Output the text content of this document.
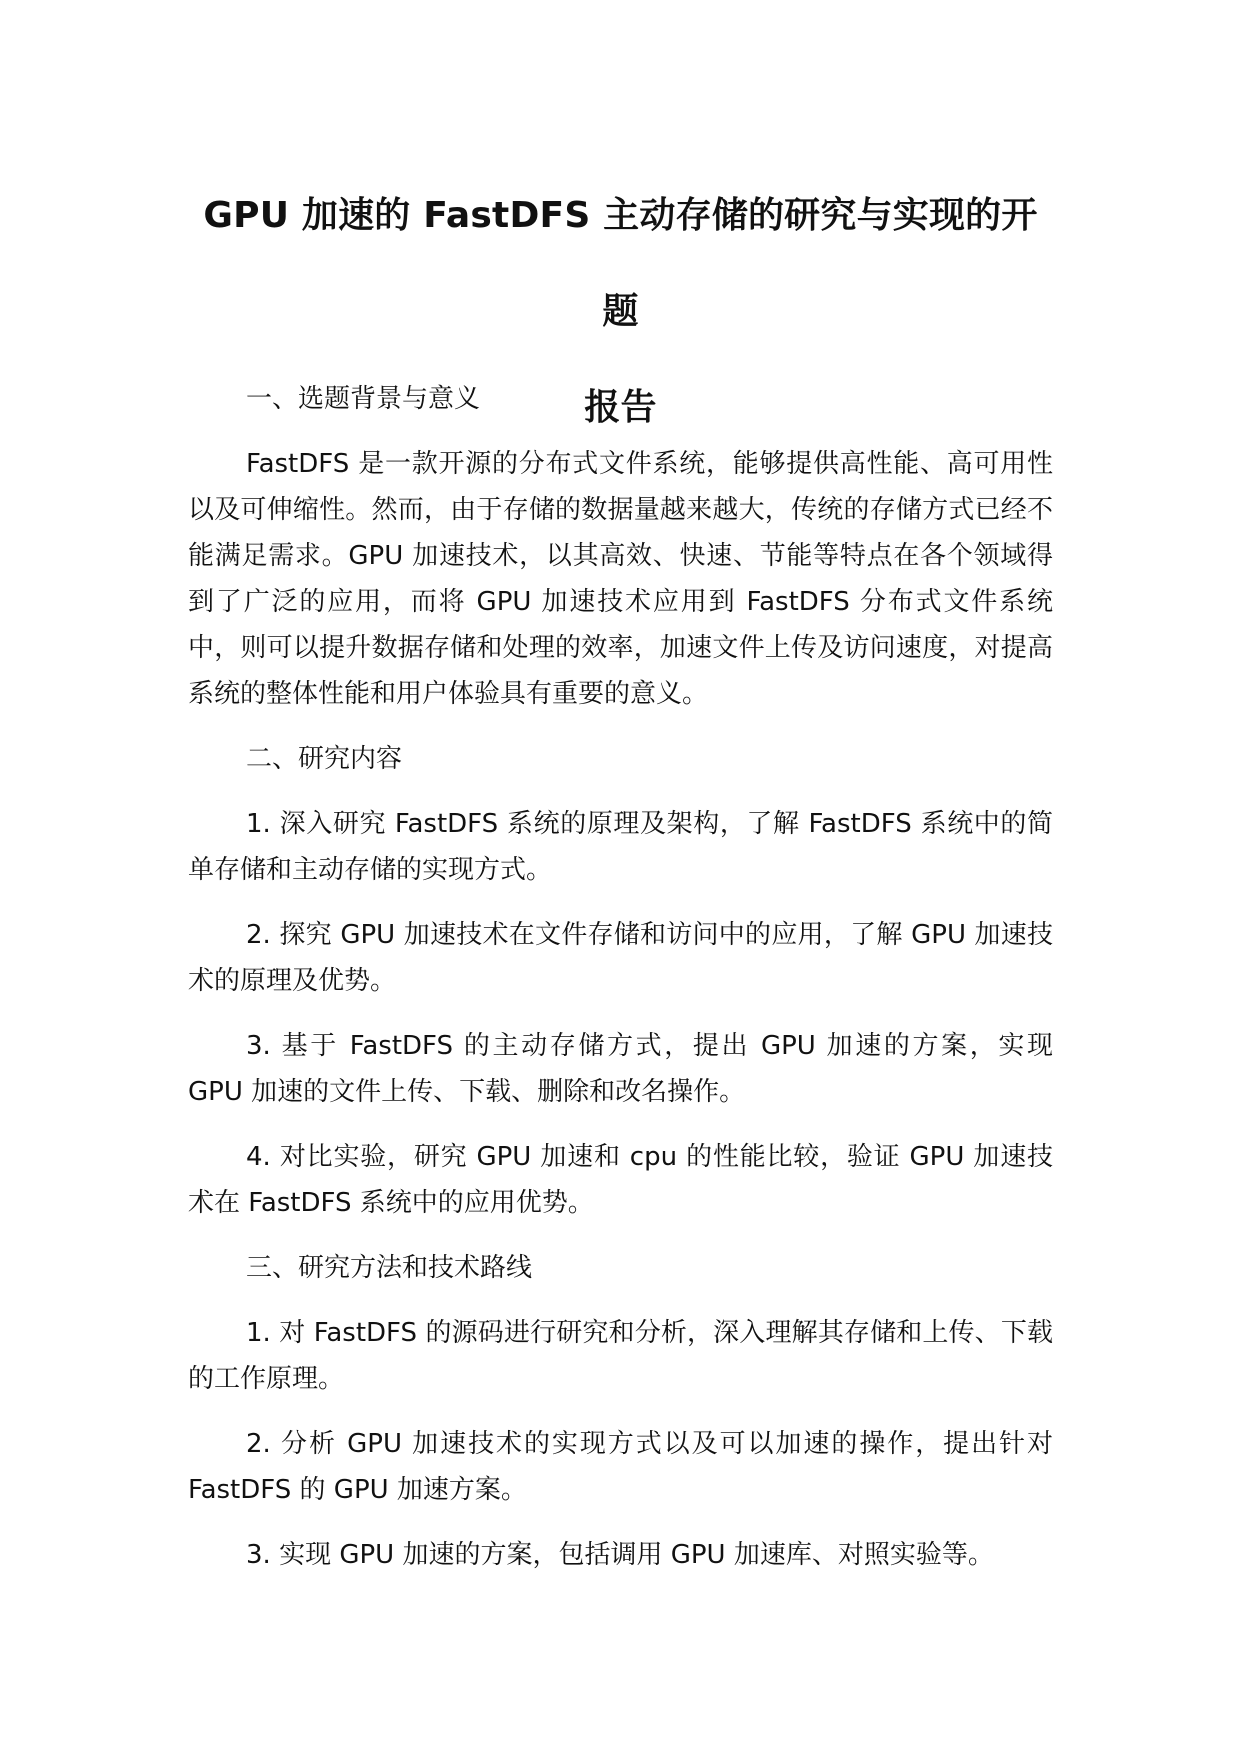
GPU 加速的 FastDFS 主动存储的研究与实现的开题
报告

一、选题背景与意义

FastDFS 是一款开源的分布式文件系统，能够提供高性能、高可用性以及可伸缩性。然而，由于存储的数据量越来越大，传统的存储方式已经不能满足需求。GPU 加速技术，以其高效、快速、节能等特点在各个领域得到了广泛的应用，而将 GPU 加速技术应用到 FastDFS 分布式文件系统中，则可以提升数据存储和处理的效率，加速文件上传及访问速度，对提高系统的整体性能和用户体验具有重要的意义。

二、研究内容

1. 深入研究 FastDFS 系统的原理及架构，了解 FastDFS 系统中的简单存储和主动存储的实现方式。

2. 探究 GPU 加速技术在文件存储和访问中的应用，了解 GPU 加速技术的原理及优势。

3. 基于 FastDFS 的主动存储方式，提出 GPU 加速的方案，实现 GPU 加速的文件上传、下载、删除和改名操作。

4. 对比实验，研究 GPU 加速和 cpu 的性能比较，验证 GPU 加速技术在 FastDFS 系统中的应用优势。

三、研究方法和技术路线

1. 对 FastDFS 的源码进行研究和分析，深入理解其存储和上传、下载的工作原理。

2. 分析 GPU 加速技术的实现方式以及可以加速的操作，提出针对 FastDFS 的 GPU 加速方案。

3. 实现 GPU 加速的方案，包括调用 GPU 加速库、对照实验等。
